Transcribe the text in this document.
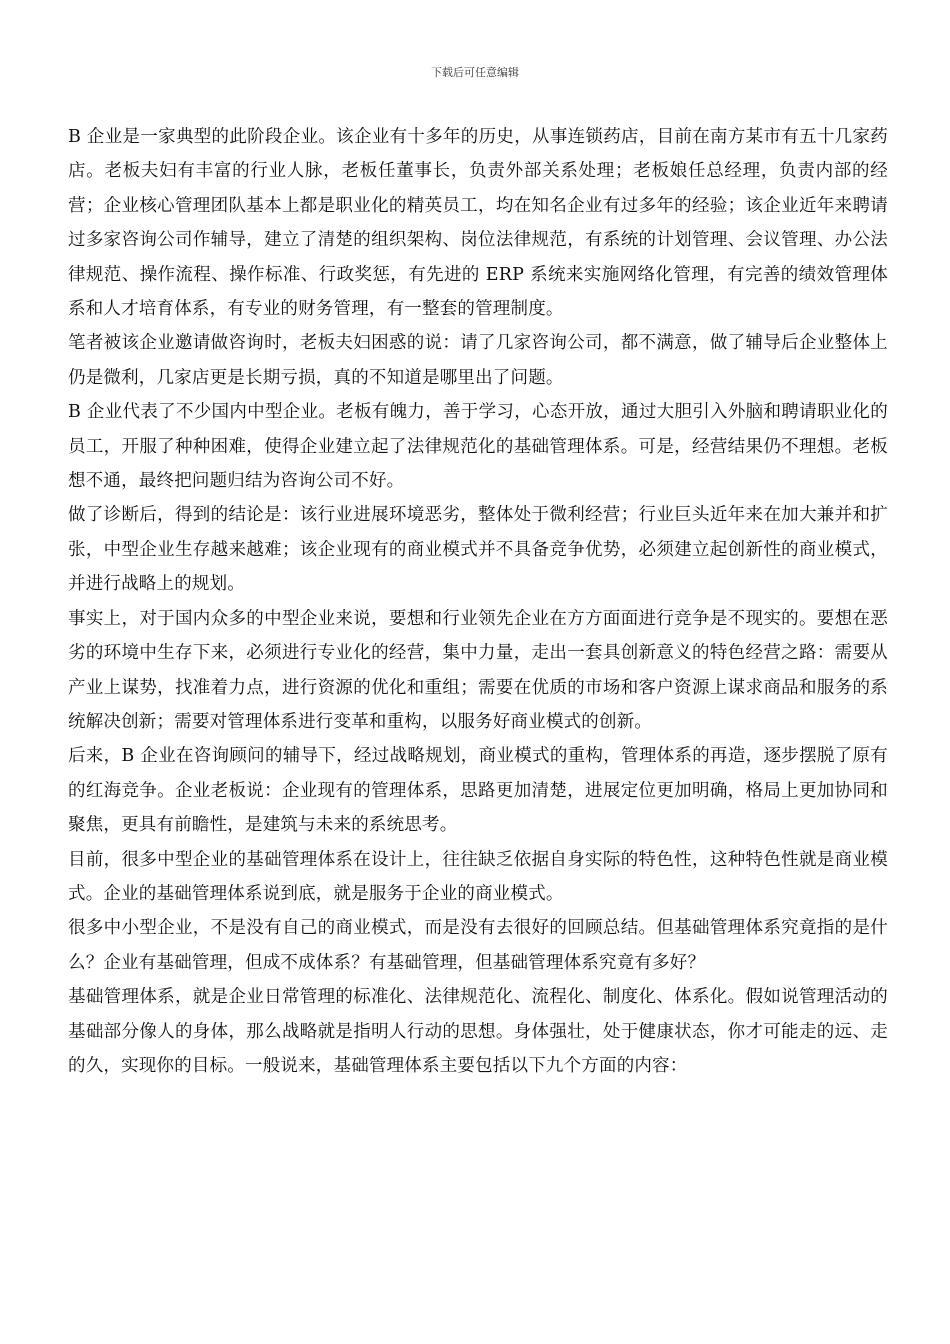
下载后可任意编辑

B 企业是一家典型的此阶段企业。该企业有十多年的历史，从事连锁药店，目前在南方某市有五十几家药店。老板夫妇有丰富的行业人脉，老板任董事长，负责外部关系处理；老板娘任总经理，负责内部的经营；企业核心管理团队基本上都是职业化的精英员工，均在知名企业有过多年的经验；该企业近年来聘请过多家咨询公司作辅导，建立了清楚的组织架构、岗位法律规范，有系统的计划管理、会议管理、办公法律规范、操作流程、操作标准、行政奖惩，有先进的 ERP 系统来实施网络化管理，有完善的绩效管理体系和人才培育体系，有专业的财务管理，有一整套的管理制度。

笔者被该企业邀请做咨询时，老板夫妇困惑的说：请了几家咨询公司，都不满意，做了辅导后企业整体上仍是微利，几家店更是长期亏损，真的不知道是哪里出了问题。

B 企业代表了不少国内中型企业。老板有魄力，善于学习，心态开放，通过大胆引入外脑和聘请职业化的员工，开服了种种困难，使得企业建立起了法律规范化的基础管理体系。可是，经营结果仍不理想。老板想不通，最终把问题归结为咨询公司不好。

做了诊断后，得到的结论是：该行业进展环境恶劣，整体处于微利经营；行业巨头近年来在加大兼并和扩张，中型企业生存越来越难；该企业现有的商业模式并不具备竞争优势，必须建立起创新性的商业模式，并进行战略上的规划。

事实上，对于国内众多的中型企业来说，要想和行业领先企业在方方面面进行竞争是不现实的。要想在恶劣的环境中生存下来，必须进行专业化的经营，集中力量，走出一套具创新意义的特色经营之路：需要从产业上谋势，找准着力点，进行资源的优化和重组；需要在优质的市场和客户资源上谋求商品和服务的系统解决创新；需要对管理体系进行变革和重构，以服务好商业模式的创新。

后来，B 企业在咨询顾问的辅导下，经过战略规划，商业模式的重构，管理体系的再造，逐步摆脱了原有的红海竞争。企业老板说：企业现有的管理体系，思路更加清楚，进展定位更加明确，格局上更加协同和聚焦，更具有前瞻性，是建筑与未来的系统思考。

目前，很多中型企业的基础管理体系在设计上，往往缺乏依据自身实际的特色性，这种特色性就是商业模式。企业的基础管理体系说到底，就是服务于企业的商业模式。

很多中小型企业，不是没有自己的商业模式，而是没有去很好的回顾总结。但基础管理体系究竟指的是什么？企业有基础管理，但成不成体系？有基础管理，但基础管理体系究竟有多好？

基础管理体系，就是企业日常管理的标准化、法律规范化、流程化、制度化、体系化。假如说管理活动的基础部分像人的身体，那么战略就是指明人行动的思想。身体强壮，处于健康状态，你才可能走的远、走的久，实现你的目标。一般说来，基础管理体系主要包括以下九个方面的内容：
